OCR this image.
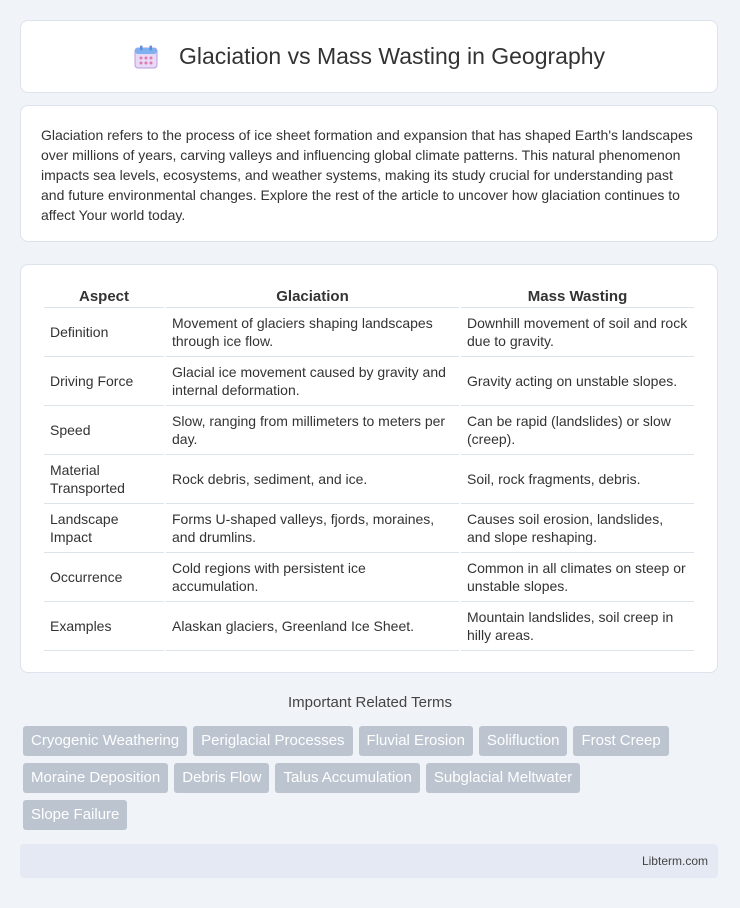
Glaciation vs Mass Wasting in Geography

Glaciation refers to the process of ice sheet formation and expansion that has shaped Earth's landscapes over millions of years, carving valleys and influencing global climate patterns. This natural phenomenon impacts sea levels, ecosystems, and weather systems, making its study crucial for understanding past and future environmental changes. Explore the rest of the article to uncover how glaciation continues to affect Your world today.

Aspect	Glaciation	Mass Wasting
Definition	Movement of glaciers shaping landscapes through ice flow.	Downhill movement of soil and rock due to gravity.
Driving Force	Glacial ice movement caused by gravity and internal deformation.	Gravity acting on unstable slopes.
Speed	Slow, ranging from millimeters to meters per day.	Can be rapid (landslides) or slow (creep).
Material Transported	Rock debris, sediment, and ice.	Soil, rock fragments, debris.
Landscape Impact	Forms U-shaped valleys, fjords, moraines, and drumlins.	Causes soil erosion, landslides, and slope reshaping.
Occurrence	Cold regions with persistent ice accumulation.	Common in all climates on steep or unstable slopes.
Examples	Alaskan glaciers, Greenland Ice Sheet.	Mountain landslides, soil creep in hilly areas.
Important Related Terms
Cryogenic Weathering Periglacial Processes Fluvial Erosion Solifluction Frost Creep
Moraine Deposition Debris Flow Talus Accumulation Subglacial Meltwater
Slope Failure
Libterm.com
